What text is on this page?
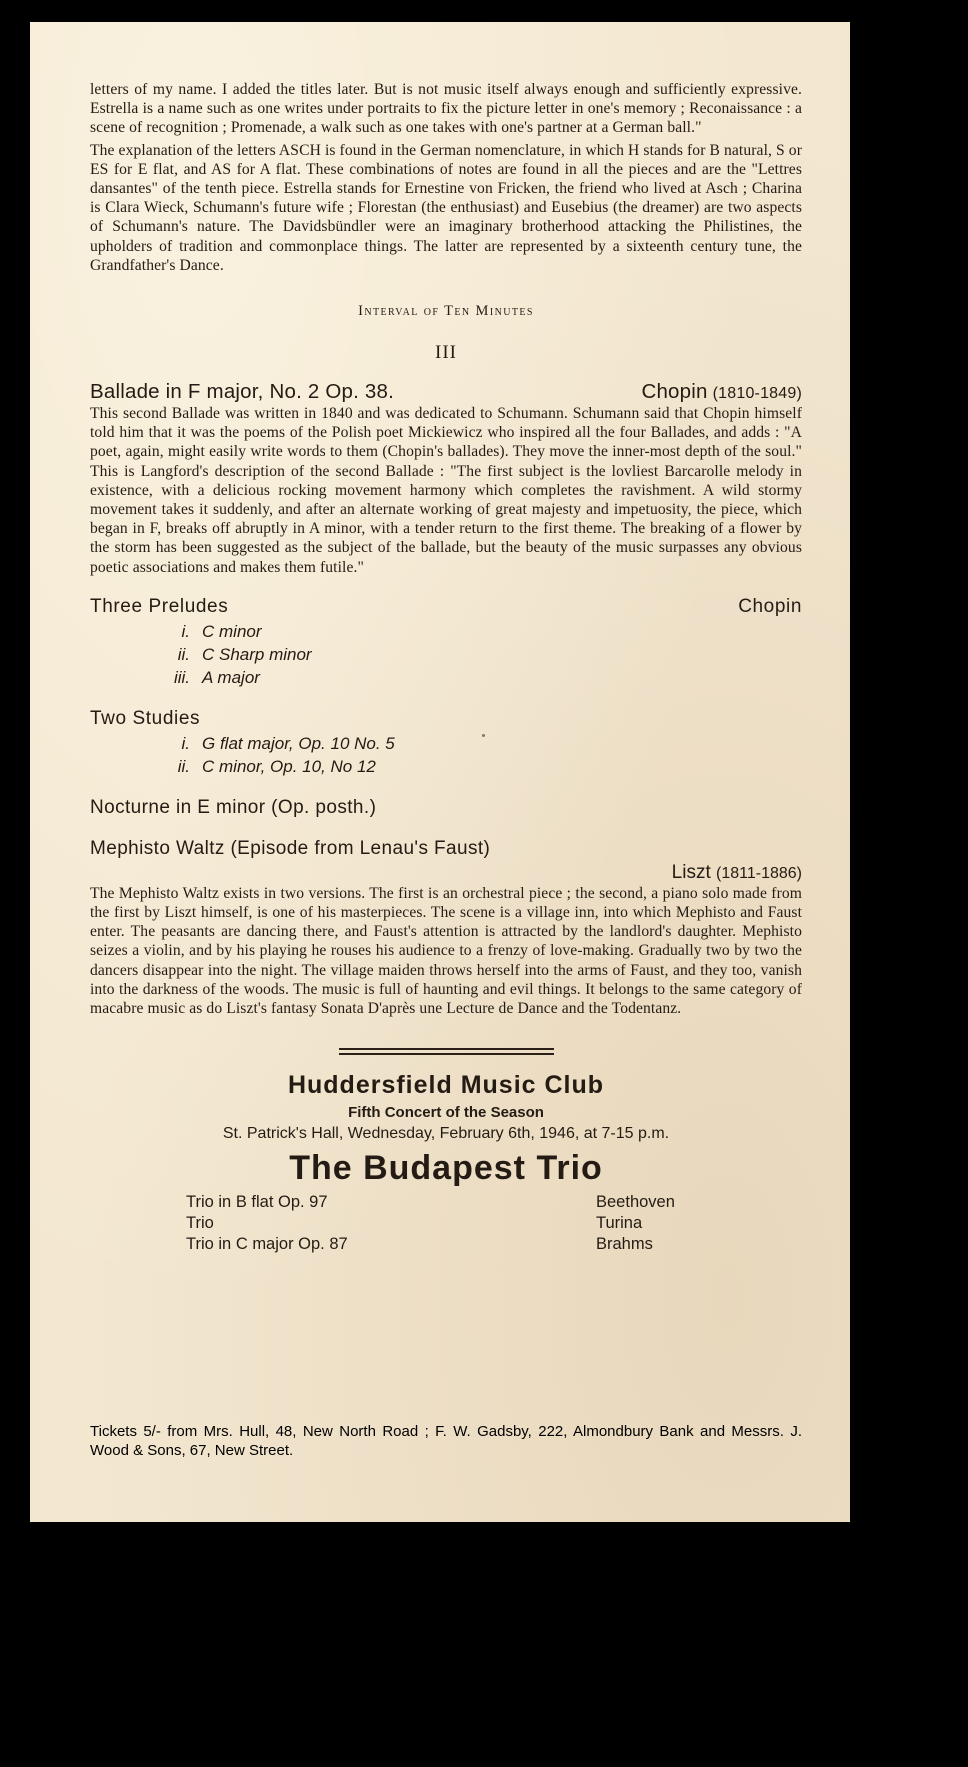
letters of my name. I added the titles later. But is not music itself always enough and sufficiently expressive. Estrella is a name such as one writes under portraits to fix the picture letter in one's memory ; Reconaissance : a scene of recognition ; Promenade, a walk such as one takes with one's partner at a German ball."

The explanation of the letters ASCH is found in the German nomenclature, in which H stands for B natural, S or ES for E flat, and AS for A flat. These combinations of notes are found in all the pieces and are the "Lettres dansantes" of the tenth piece. Estrella stands for Ernestine von Fricken, the friend who lived at Asch ; Charina is Clara Wieck, Schumann's future wife ; Florestan (the enthusiast) and Eusebius (the dreamer) are two aspects of Schumann's nature. The Davidsbündler were an imaginary brotherhood attacking the Philistines, the upholders of tradition and commonplace things. The latter are represented by a sixteenth century tune, the Grandfather's Dance.

Interval of Ten Minutes
III
Ballade in F major, No. 2 Op. 38.	Chopin (1810-1849)

This second Ballade was written in 1840 and was dedicated to Schumann. Schumann said that Chopin himself told him that it was the poems of the Polish poet Mickiewicz who inspired all the four Ballades, and adds : "A poet, again, might easily write words to them (Chopin's ballades). They move the inner-most depth of the soul." This is Langford's description of the second Ballade : "The first subject is the lovliest Barcarolle melody in existence, with a delicious rocking movement harmony which completes the ravishment. A wild stormy movement takes it suddenly, and after an alternate working of great majesty and impetuosity, the piece, which began in F, breaks off abruptly in A minor, with a tender return to the first theme. The breaking of a flower by the storm has been suggested as the subject of the ballade, but the beauty of the music surpasses any obvious poetic associations and makes them futile."

Three Preludes	Chopin
i. C minor
ii. C Sharp minor
iii. A major
Two Studies
i. G flat major, Op. 10 No. 5
ii. C minor, Op. 10, No 12
Nocturne in E minor (Op. posth.)
Mephisto Waltz (Episode from Lenau's Faust)
Liszt (1811-1886)

The Mephisto Waltz exists in two versions. The first is an orchestral piece ; the second, a piano solo made from the first by Liszt himself, is one of his masterpieces. The scene is a village inn, into which Mephisto and Faust enter. The peasants are dancing there, and Faust's attention is attracted by the landlord's daughter. Mephisto seizes a violin, and by his playing he rouses his audience to a frenzy of love-making. Gradually two by two the dancers disappear into the night. The village maiden throws herself into the arms of Faust, and they too, vanish into the darkness of the woods. The music is full of haunting and evil things. It belongs to the same category of macabre music as do Liszt's fantasy Sonata D'après une Lecture de Dance and the Todentanz.

Huddersfield Music Club
Fifth Concert of the Season
St. Patrick's Hall, Wednesday, February 6th, 1946, at 7-15 p.m.
The Budapest Trio
Trio in B flat Op. 97	Beethoven
Trio	Turina
Trio in C major Op. 87	Brahms
Tickets 5/- from Mrs. Hull, 48, New North Road ; F. W. Gadsby, 222, Almondbury Bank and Messrs. J. Wood & Sons, 67, New Street.
